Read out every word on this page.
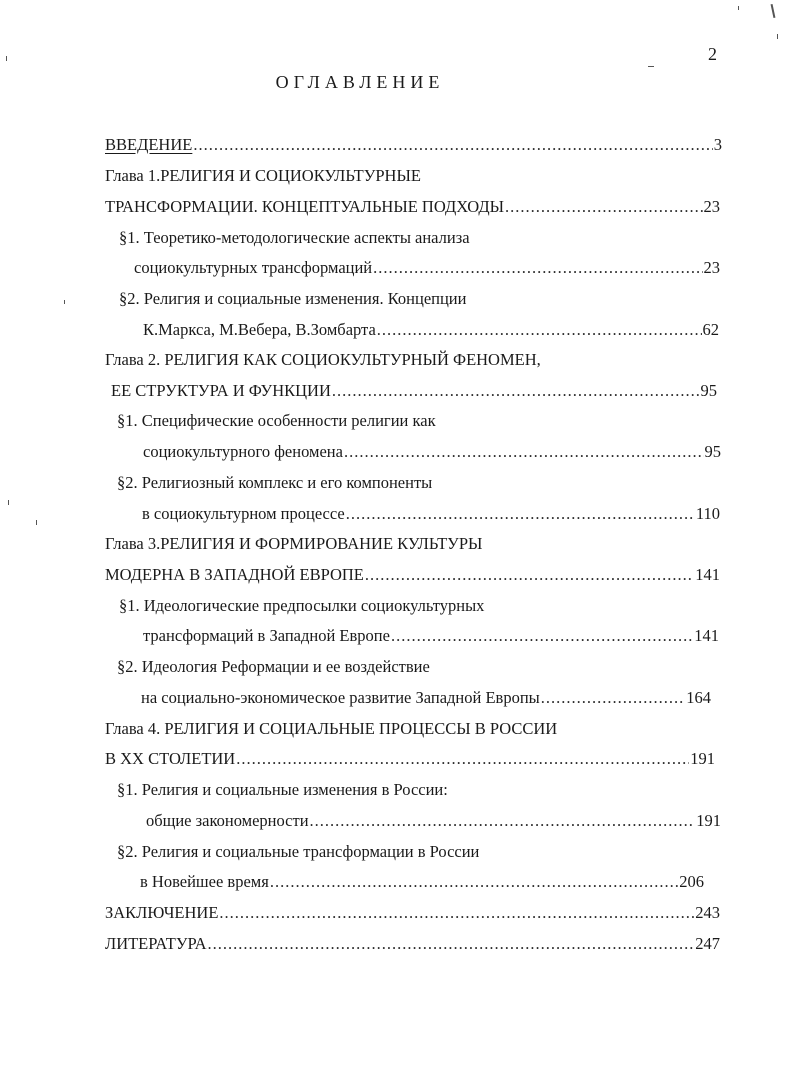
2
ОГЛАВЛЕНИЕ
ВВЕДЕНИЕ .....	3
Глава 1.РЕЛИГИЯ И СОЦИОКУЛЬТУРНЫЕ
ТРАНСФОРМАЦИИ. КОНЦЕПТУАЛЬНЫЕ ПОДХОДЫ .....	23
§1. Теоретико-методологические аспекты анализа
социокультурных трансформаций .....	23
§2. Религия и социальные изменения. Концепции
К.Маркса, М.Вебера, В.Зомбарта .....	62
Глава 2. РЕЛИГИЯ КАК СОЦИОКУЛЬТУРНЫЙ ФЕНОМЕН,
ЕЕ СТРУКТУРА И ФУНКЦИИ .....	95
§1. Специфические особенности религии как
социокультурного феномена .....	95
§2. Религиозный комплекс и его компоненты
в социокультурном процессе .....	110
Глава 3.РЕЛИГИЯ И ФОРМИРОВАНИЕ КУЛЬТУРЫ
МОДЕРНА В ЗАПАДНОЙ ЕВРОПЕ .....	141
§1. Идеологические предпосылки социокультурных
трансформаций в Западной Европе .....	141
§2. Идеология Реформации и ее воздействие
на социально-экономическое развитие Западной Европы .....	164
Глава 4. РЕЛИГИЯ И СОЦИАЛЬНЫЕ ПРОЦЕССЫ В РОССИИ
В XX СТОЛЕТИИ .....	191
§1. Религия и социальные изменения в России:
общие закономерности .....	191
§2. Религия и социальные трансформации в России
в Новейшее время .....	206
ЗАКЛЮЧЕНИЕ .....	243
ЛИТЕРАТУРА .....	247
